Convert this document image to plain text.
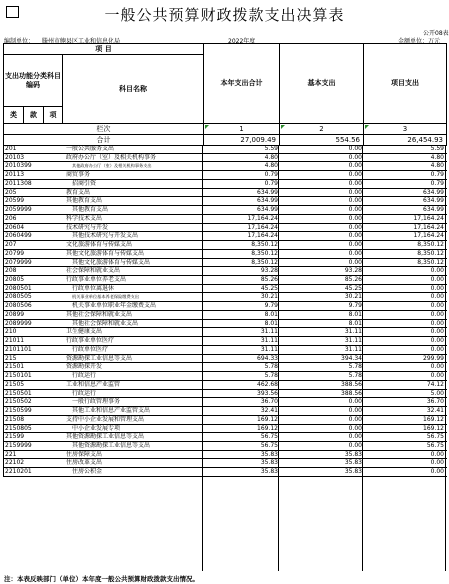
一般公共预算财政拨款支出决算表
公开08表
编制单位： 滕州市鲍县区工业和信息化局	2022年度	金额单位：万元
项 目
支出功能分类科目编码
科目名称
类	款	项
本年支出合计	基本支出	项目支出
栏次	1	2	3
合计	27,009.49	554.56	26,454.93
201	一般公共服务支出	5.59	0.00	5.59
20103	政府办公厅（室）及相关机构事务	4.80	0.00	4.80
2010399	其他政府办公厅（室）及相关机构事务支出	4.80	0.00	4.80
20113	商贸事务	0.79	0.00	0.79
2011308	招商引资	0.79	0.00	0.79
205	教育支出	634.99	0.00	634.99
20599	其他教育支出	634.99	0.00	634.99
2059999	其他教育支出	634.99	0.00	634.99
206	科学技术支出	17,164.24	0.00	17,164.24
20604	技术研究与开发	17,164.24	0.00	17,164.24
2060499	其他技术研究与开发支出	17,164.24	0.00	17,164.24
207	文化旅游体育与传媒支出	8,350.12	0.00	8,350.12
20799	其他文化旅游体育与传媒支出	8,350.12	0.00	8,350.12
2079999	其他文化旅游体育与传媒支出	8,350.12	0.00	8,350.12
208	社会保障和就业支出	93.28	93.28	0.00
20805	行政事业单位养老支出	85.26	85.26	0.00
2080501	行政单位离退休	45.25	45.25	0.00
2080505	机关事业单位基本养老保险缴费支出	30.21	30.21	0.00
2080506	机关事业单位职业年金缴费支出	9.79	9.79	0.00
20899	其他社会保障和就业支出	8.01	8.01	0.00
2089999	其他社会保障和就业支出	8.01	8.01	0.00
210	卫生健康支出	31.11	31.11	0.00
21011	行政事业单位医疗	31.11	31.11	0.00
2101101	行政单位医疗	31.11	31.11	0.00
215	资源勘探工业信息等支出	694.33	394.34	299.99
21501	资源勘探开发	5.78	5.78	0.00
2150101	行政运行	5.78	5.78	0.00
21505	工业和信息产业监管	462.68	388.56	74.12
2150501	行政运行	393.56	388.56	5.00
2150502	一般行政管理事务	36.70	0.00	36.70
2150599	其他工业和信息产业监管支出	32.41	0.00	32.41
21508	支持中小企业发展和管理支出	169.12	0.00	169.12
2150805	中小企业发展专项	169.12	0.00	169.12
21599	其他资源勘探工业信息等支出	56.75	0.00	56.75
2159999	其他资源勘探工业信息等支出	56.75	0.00	56.75
221	住房保障支出	35.83	35.83	0.00
22102	住房改革支出	35.83	35.83	0.00
2210201	住房公积金	35.83	35.83	0.00
注：本表反映部门（单位）本年度一般公共预算财政拨款支出情况。
